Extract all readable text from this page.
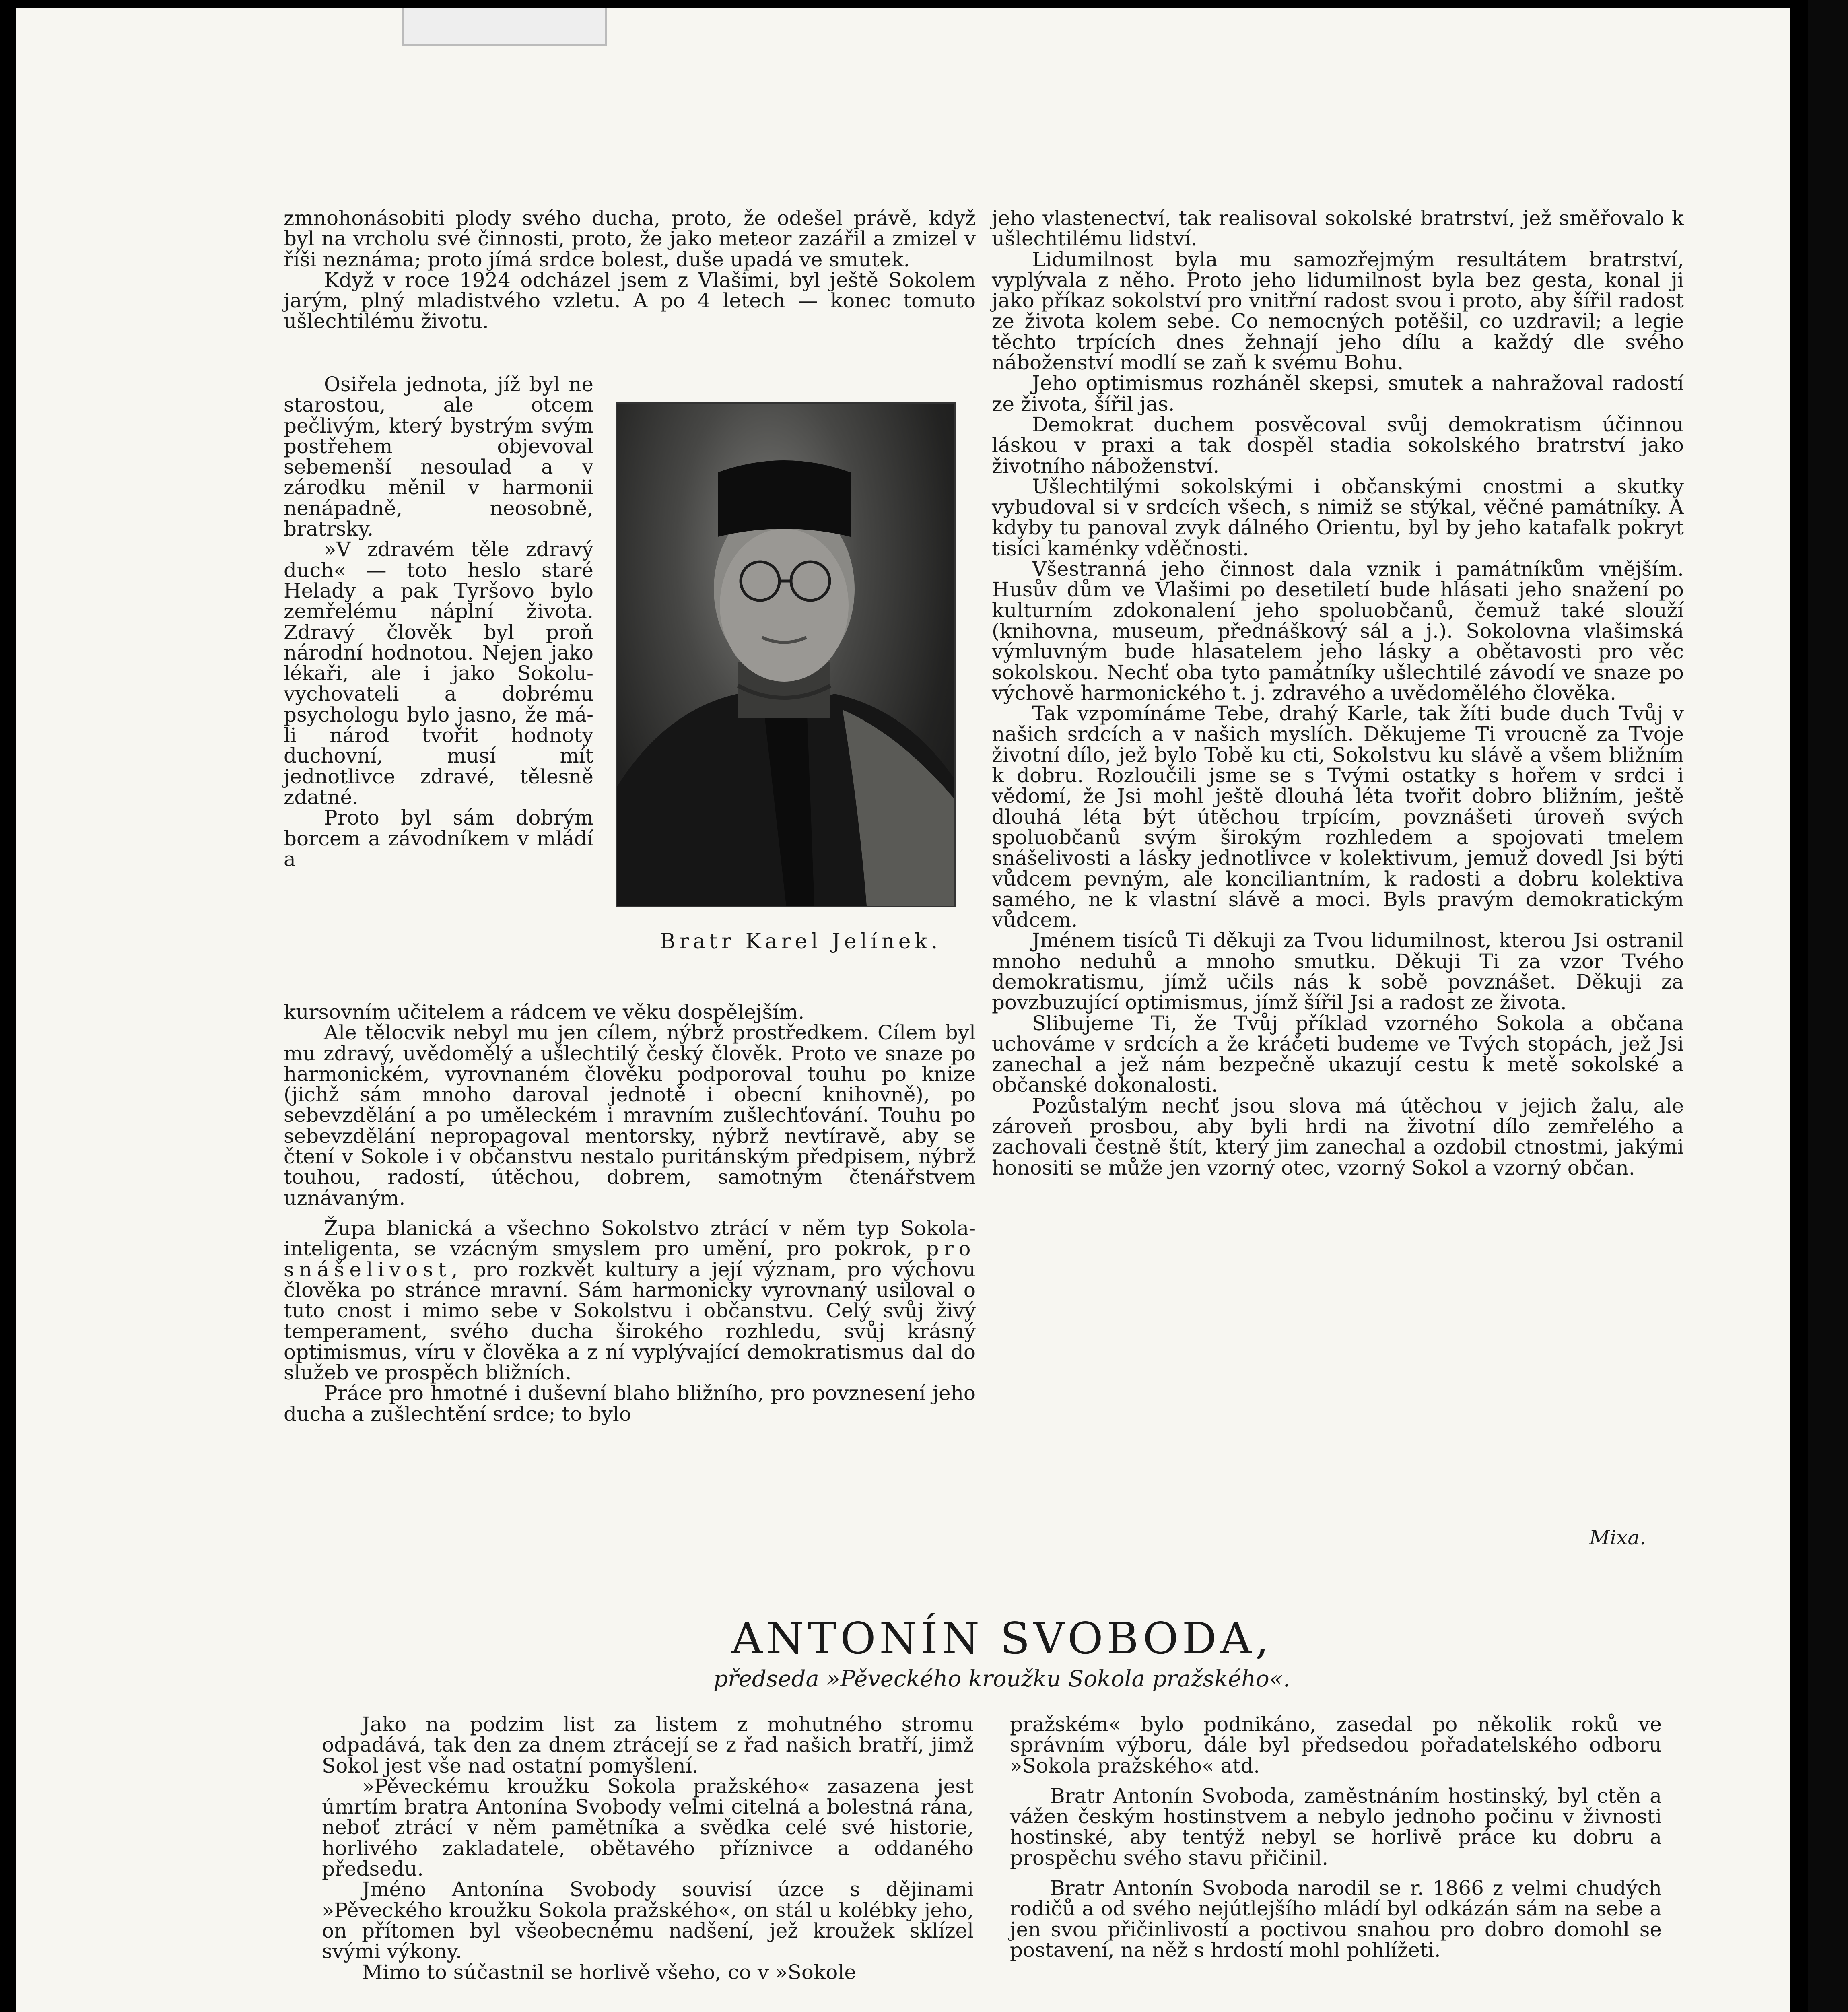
zmnohonásobiti plody svého ducha, proto, že odešel právě, když byl na vrcholu své činnosti, proto, že jako meteor zazářil a zmizel v říši neznáma; proto jímá srdce bolest, duše upadá ve smutek.

Když v roce 1924 odcházel jsem z Vlašimi, byl ještě Sokolem jarým, plný mladistvého vzletu. A po 4 letech — konec tomuto ušlechtilému životu.

Osiřela jednota, jíž byl ne starostou, ale otcem pečlivým, který bystrým svým postřehem objevoval sebemenší nesoulad a v zárodku měnil v harmonii nenápadně, neosobně, bratrsky.

»V zdravém těle zdravý duch« — toto heslo staré Helady a pak Tyršovo bylo zemřelému náplní života. Zdravý člověk byl proň národní hodnotou. Nejen jako lékaři, ale i jako Sokolu-vychovateli a dobrému psychologu bylo jasno, že má-li národ tvořit hodnoty duchovní, musí mít jednotlivce zdravé, tělesně zdatné.

Proto byl sám dobrým borcem a závodníkem v mládí a

Bratr Karel Jelínek.

kursovním učitelem a rádcem ve věku dospělejším.

Ale tělocvik nebyl mu jen cílem, nýbrž prostředkem. Cílem byl mu zdravý, uvědomělý a ušlechtilý český člověk. Proto ve snaze po harmonickém, vyrovnaném člověku podporoval touhu po knize (jichž sám mnoho daroval jednotě i obecní knihovně), po sebevzdělání a po uměleckém i mravním zušlechťování. Touhu po sebevzdělání nepropagoval mentorsky, nýbrž nevtíravě, aby se čtení v Sokole i v občanstvu nestalo puritánským předpisem, nýbrž touhou, radostí, útěchou, dobrem, samotným čtenářstvem uznávaným.

Župa blanická a všechno Sokolstvo ztrácí v něm typ Sokola-inteligenta, se vzácným smyslem pro umění, pro pokrok, pro snášelivost, pro rozkvět kultury a její význam, pro výchovu člověka po stránce mravní. Sám harmonicky vyrovnaný usiloval o tuto cnost i mimo sebe v Sokolstvu i občanstvu. Celý svůj živý temperament, svého ducha širokého rozhledu, svůj krásný optimismus, víru v člověka a z ní vyplývající demokratismus dal do služeb ve prospěch bližních.

Práce pro hmotné i duševní blaho bližního, pro povznesení jeho ducha a zušlechtění srdce; to bylo

jeho vlastenectví, tak realisoval sokolské bratrství, jež směřovalo k ušlechtilému lidství.

Lidumilnost byla mu samozřejmým resultátem bratrství, vyplývala z něho. Proto jeho lidumilnost byla bez gesta, konal ji jako příkaz sokolství pro vnitřní radost svou i proto, aby šířil radost ze života kolem sebe. Co nemocných potěšil, co uzdravil; a legie těchto trpících dnes žehnají jeho dílu a každý dle svého náboženství modlí se zaň k svému Bohu.

Jeho optimismus rozháněl skepsi, smutek a nahražoval radostí ze života, šířil jas.

Demokrat duchem posvěcoval svůj demokratism účinnou láskou v praxi a tak dospěl stadia sokolského bratrství jako životního náboženství.

Ušlechtilými sokolskými i občanskými cnostmi a skutky vybudoval si v srdcích všech, s nimiž se stýkal, věčné památníky. A kdyby tu panoval zvyk dálného Orientu, byl by jeho katafalk pokryt tisíci kaménky vděčnosti.

Všestranná jeho činnost dala vznik i památníkům vnějším. Husův dům ve Vlašimi po desetiletí bude hlásati jeho snažení po kulturním zdokonalení jeho spoluobčanů, čemuž také slouží (knihovna, museum, přednáškový sál a j.). Sokolovna vlašimská výmluvným bude hlasatelem jeho lásky a obětavosti pro věc sokolskou. Nechť oba tyto památníky ušlechtilé závodí ve snaze po výchově harmonického t. j. zdravého a uvědomělého člověka.

Tak vzpomínáme Tebe, drahý Karle, tak žíti bude duch Tvůj v našich srdcích a v našich myslích. Děkujeme Ti vroucně za Tvoje životní dílo, jež bylo Tobě ku cti, Sokolstvu ku slávě a všem bližním k dobru. Rozloučili jsme se s Tvými ostatky s hořem v srdci i vědomí, že Jsi mohl ještě dlouhá léta tvořit dobro bližním, ještě dlouhá léta být útěchou trpícím, povznášeti úroveň svých spoluobčanů svým širokým rozhledem a spojovati tmelem snášelivosti a lásky jednotlivce v kolektivum, jemuž dovedl Jsi býti vůdcem pevným, ale konciliantním, k radosti a dobru kolektiva samého, ne k vlastní slávě a moci. Byls pravým demokratickým vůdcem.

Jménem tisíců Ti děkuji za Tvou lidumilnost, kterou Jsi ostranil mnoho neduhů a mnoho smutku. Děkuji Ti za vzor Tvého demokratismu, jímž učils nás k sobě povznášet. Děkuji za povzbuzující optimismus, jímž šířil Jsi a radost ze života.

Slibujeme Ti, že Tvůj příklad vzorného Sokola a občana uchováme v srdcích a že kráčeti budeme ve Tvých stopách, jež Jsi zanechal a jež nám bezpečně ukazují cestu k metě sokolské a občanské dokonalosti.

Pozůstalým nechť jsou slova má útěchou v jejich žalu, ale zároveň prosbou, aby byli hrdi na životní dílo zemřelého a zachovali čestně štít, který jim zanechal a ozdobil ctnostmi, jakými honositi se může jen vzorný otec, vzorný Sokol a vzorný občan.

Mixa.
ANTONÍN SVOBODA,

předseda »Pěveckého kroužku Sokola pražského«.

Jako na podzim list za listem z mohutného stromu odpadává, tak den za dnem ztrácejí se z řad našich bratří, jimž Sokol jest vše nad ostatní pomyšlení.

»Pěveckému kroužku Sokola pražského« zasazena jest úmrtím bratra Antonína Svobody velmi citelná a bolestná rána, neboť ztrácí v něm pamětníka a svědka celé své historie, horlivého zakladatele, obětavého příznivce a oddaného předsedu.

Jméno Antonína Svobody souvisí úzce s dějinami »Pěveckého kroužku Sokola pražského«, on stál u kolébky jeho, on přítomen byl všeobecnému nadšení, jež kroužek sklízel svými výkony.

Mimo to súčastnil se horlivě všeho, co v »Sokole

pražském« bylo podnikáno, zasedal po několik roků ve správním výboru, dále byl předsedou pořadatelského odboru »Sokola pražského« atd.

Bratr Antonín Svoboda, zaměstnáním hostinský, byl ctěn a vážen českým hostinstvem a nebylo jednoho počinu v živnosti hostinské, aby tentýž nebyl se horlivě práce ku dobru a prospěchu svého stavu přičinil.

Bratr Antonín Svoboda narodil se r. 1866 z velmi chudých rodičů a od svého nejútlejšího mládí byl odkázán sám na sebe a jen svou přičinlivostí a poctivou snahou pro dobro domohl se postavení, na něž s hrdostí mohl pohlížeti.
